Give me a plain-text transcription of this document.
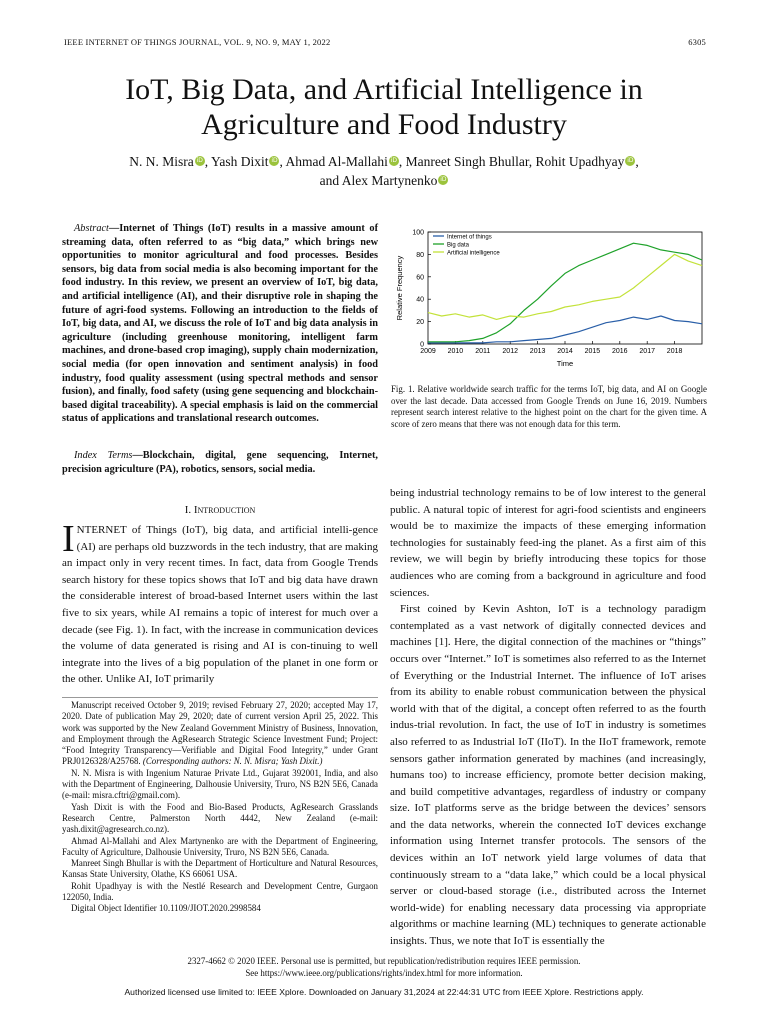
IEEE INTERNET OF THINGS JOURNAL, VOL. 9, NO. 9, MAY 1, 2022	6305
IoT, Big Data, and Artificial Intelligence in
Agriculture and Food Industry
N. N. Misra iD , Yash Dixit iD , Ahmad Al-Mallahi iD , Manreet Singh Bhullar, Rohit Upadhyay iD ,
and Alex Martynenko iD
Abstract—Internet of Things (IoT) results in a massive amount of streaming data, often referred to as “big data,” which brings new opportunities to monitor agricultural and food processes. Besides sensors, big data from social media is also becoming important for the food industry. In this review, we present an overview of IoT, big data, and artificial intelligence (AI), and their disruptive role in shaping the future of agri-food systems. Following an introduction to the fields of IoT, big data, and AI, we discuss the role of IoT and big data analysis in agriculture (including greenhouse monitoring, intelligent farm machines, and drone-based crop imaging), supply chain modernization, social media (for open innovation and sentiment analysis) in food industry, food quality assessment (using spectral methods and sensor fusion), and finally, food safety (using gene sequencing and blockchain-based digital traceability). A special emphasis is laid on the commercial status of applications and translational research outcomes.
Index Terms—Blockchain, digital, gene sequencing, Internet, precision agriculture (PA), robotics, sensors, social media.
I. Introduction
INTERNET of Things (IoT), big data, and artificial intelli-gence (AI) are perhaps old buzzwords in the tech industry, that are making an impact only in very recent times. In fact, data from Google Trends search history for these topics shows that IoT and big data have drawn the considerable interest of broad-based Internet users within the last five to six years, while AI remains a topic of interest for much over a decade (see Fig. 1). In fact, with the increase in communication devices the volume of data generated is rising and AI is con-tinuing to well integrate into the lives of a big population of the planet in one form or the other. Unlike AI, IoT primarily

Manuscript received October 9, 2019; revised February 27, 2020; accepted May 17, 2020. Date of publication May 29, 2020; date of current version April 25, 2022. This work was supported by the New Zealand Government Ministry of Business, Innovation, and Employment through the AgResearch Strategic Science Investment Fund; Project: “Food Integrity Transparency—Verifiable and Digital Food Integrity,” under Grant PRJ0126328/A25768. (Corresponding authors: N. N. Misra; Yash Dixit.)

N. N. Misra is with Ingenium Naturae Private Ltd., Gujarat 392001, India, and also with the Department of Engineering, Dalhousie University, Truro, NS B2N 5E6, Canada (e-mail: misra.cftri@gmail.com).

Yash Dixit is with the Food and Bio-Based Products, AgResearch Grasslands Research Centre, Palmerston North 4442, New Zealand (e-mail: yash.dixit@agresearch.co.nz).

Ahmad Al-Mallahi and Alex Martynenko are with the Department of Engineering, Faculty of Agriculture, Dalhousie University, Truro, NS B2N 5E6, Canada.

Manreet Singh Bhullar is with the Department of Horticulture and Natural Resources, Kansas State University, Olathe, KS 66061 USA.

Rohit Upadhyay is with the Nestlé Research and Development Centre, Gurgaon 122050, India.

Digital Object Identifier 10.1109/JIOT.2020.2998584

0
20
40
60
80
100
2009 2010 2011 2012 2013 2014 2015 2016 2017 2018
Time
Relative Frequency
Internet of things
Big data
Artificial intelligence
Fig. 1. Relative worldwide search traffic for the terms IoT, big data, and AI on Google over the last decade. Data accessed from Google Trends on June 16, 2019. Numbers represent search interest relative to the highest point on the chart for the given time. A score of zero means that there was not enough data for this term.

being industrial technology remains to be of low interest to the general public. A natural topic of interest for agri-food scientists and engineers would be to maximize the impacts of these emerging information technologies for sustainably feed-ing the planet. As a first aim of this review, we will begin by briefly introducing these topics for those audiences who are coming from a background in agriculture and food sciences.

First coined by Kevin Ashton, IoT is a technology paradigm contemplated as a vast network of digitally connected devices and machines [1]. Here, the digital connection of the machines or “things” occurs over “Internet.” IoT is sometimes also referred to as the Internet of Everything or the Industrial Internet. The influence of IoT arises from its ability to enable robust communication between the physical world with that of the digital, a concept often referred to as the fourth indus-trial revolution. In fact, the use of IoT in industry is sometimes also referred to as Industrial IoT (IIoT). In the IIoT framework, remote sensors gather information generated by machines (and increasingly, humans too) to increase efficiency, promote better decision making, and build competitive advantages, regardless of industry or company size. IoT platforms serve as the bridge between the devices’ sensors and the data networks, wherein the connected IoT devices exchange information using Internet transfer protocols. The sensors of the devices within an IoT network yield large volumes of data that continuously stream to a “data lake,” which could be a local physical server or cloud-based storage (i.e., distributed across the Internet world-wide) for enabling necessary data processing via appropriate algorithms or machine learning (ML) techniques to generate actionable insights. Thus, we note that IoT is essentially the

2327-4662 © 2020 IEEE. Personal use is permitted, but republication/redistribution requires IEEE permission.
See https://www.ieee.org/publications/rights/index.html for more information.
Authorized licensed use limited to: IEEE Xplore. Downloaded on January 31,2024 at 22:44:31 UTC from IEEE Xplore. Restrictions apply.
